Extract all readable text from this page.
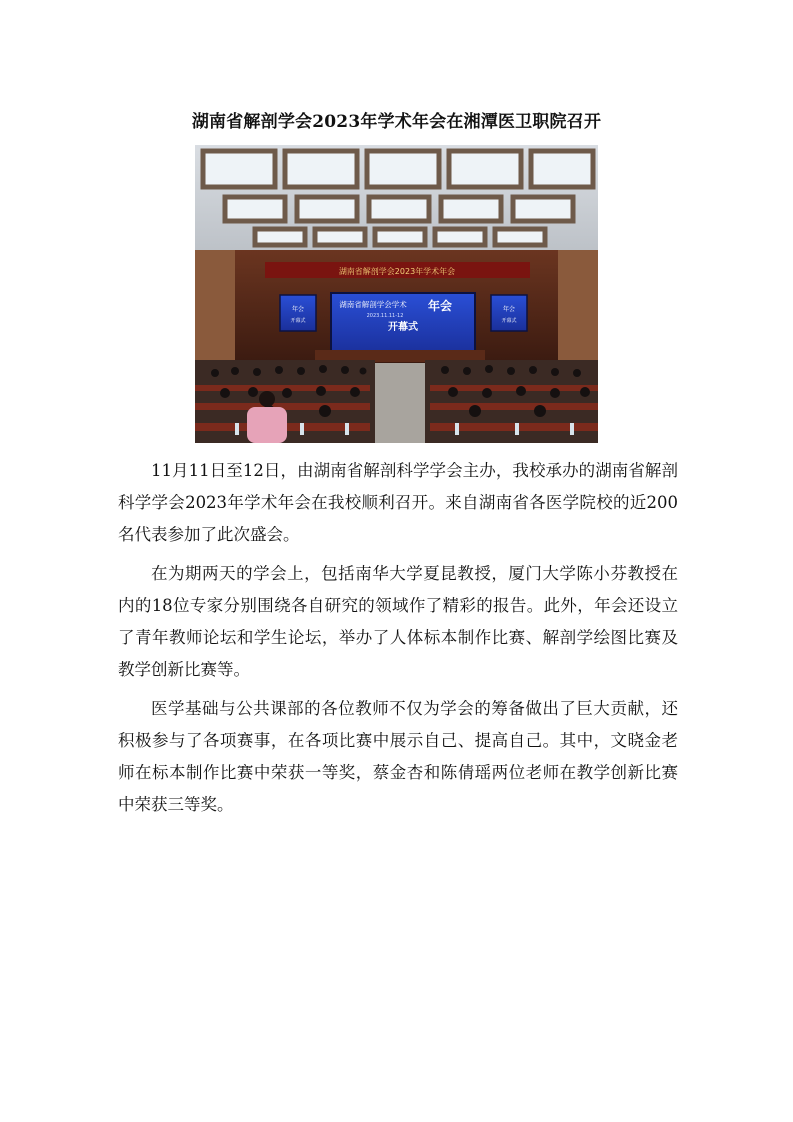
湖南省解剖学会2023年学术年会在湘潭医卫职院召开
湖南省解剖学会2023年学术年会
湖南省解剖学会学术 年会
2023.11.11-12
开幕式
年会
开幕式
年会
开幕式

11月11日至12日，由湖南省解剖科学学会主办，我校承办的湖南省解剖科学学会2023年学术年会在我校顺利召开。来自湖南省各医学院校的近200名代表参加了此次盛会。

在为期两天的学会上，包括南华大学夏昆教授，厦门大学陈小芬教授在内的18位专家分别围绕各自研究的领域作了精彩的报告。此外，年会还设立了青年教师论坛和学生论坛，举办了人体标本制作比赛、解剖学绘图比赛及教学创新比赛等。

医学基础与公共课部的各位教师不仅为学会的筹备做出了巨大贡献，还积极参与了各项赛事，在各项比赛中展示自己、提高自己。其中，文晓金老师在标本制作比赛中荣获一等奖，蔡金杏和陈倩瑶两位老师在教学创新比赛中荣获三等奖。
